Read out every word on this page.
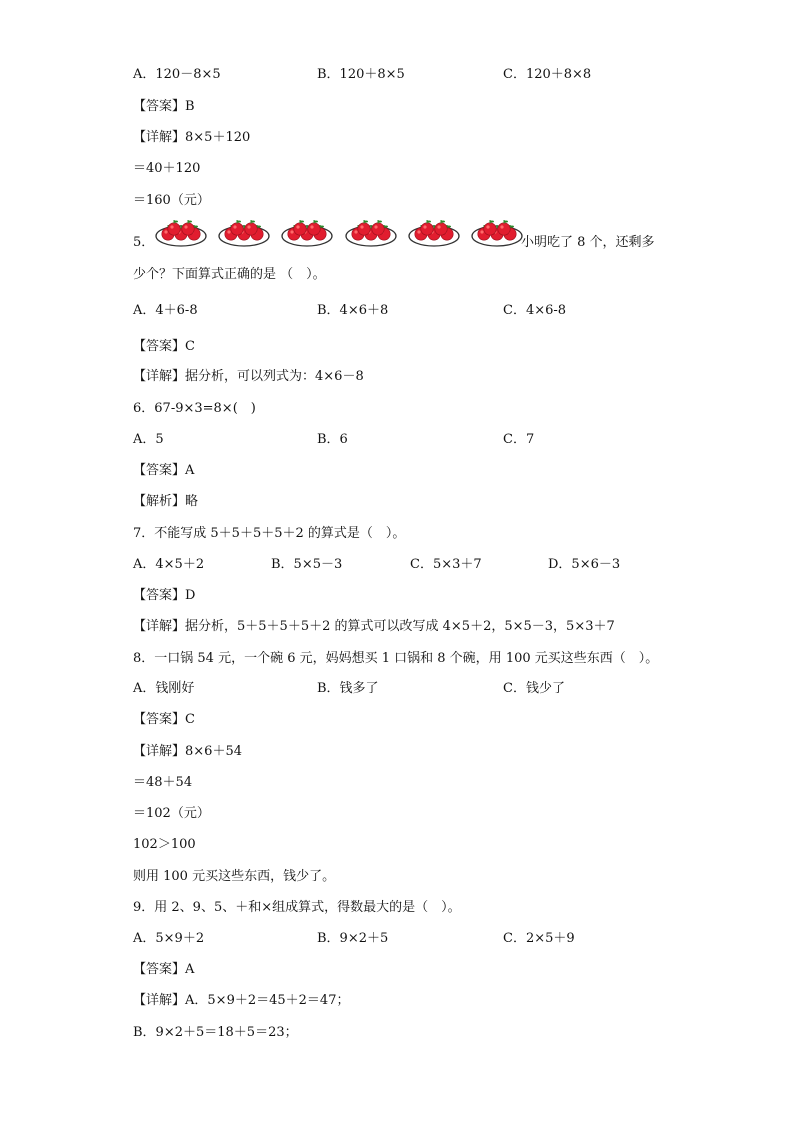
A．120－8×5	B．120＋8×5	C．120＋8×8
【答案】B
【详解】8×5＋120
＝40＋120
＝160（元）
5．	小明吃了 8 个，还剩多
少个？下面算式正确的是 （　）。
A．4＋6-8	B．4×6＋8	C．4×6-8
【答案】C
【详解】据分析，可以列式为：4×6－8
6．67-9×3=8×(　)
A．5	B．6	C．7
【答案】A
【解析】略
7．不能写成 5＋5＋5＋5＋2 的算式是（　）。
A．4×5＋2	B．5×5－3	C．5×3＋7	D．5×6－3
【答案】D
【详解】据分析，5＋5＋5＋5＋2 的算式可以改写成 4×5＋2，5×5－3，5×3＋7
8．一口锅 54 元，一个碗 6 元，妈妈想买 1 口锅和 8 个碗，用 100 元买这些东西（　）。
A．钱刚好	B．钱多了	C．钱少了
【答案】C
【详解】8×6＋54
＝48＋54
＝102（元）
102＞100
则用 100 元买这些东西，钱少了。
9．用 2、9、5、＋和×组成算式，得数最大的是（　）。
A．5×9＋2	B．9×2＋5	C．2×5＋9
【答案】A
【详解】A．5×9＋2＝45＋2＝47；
B．9×2＋5＝18＋5＝23；
